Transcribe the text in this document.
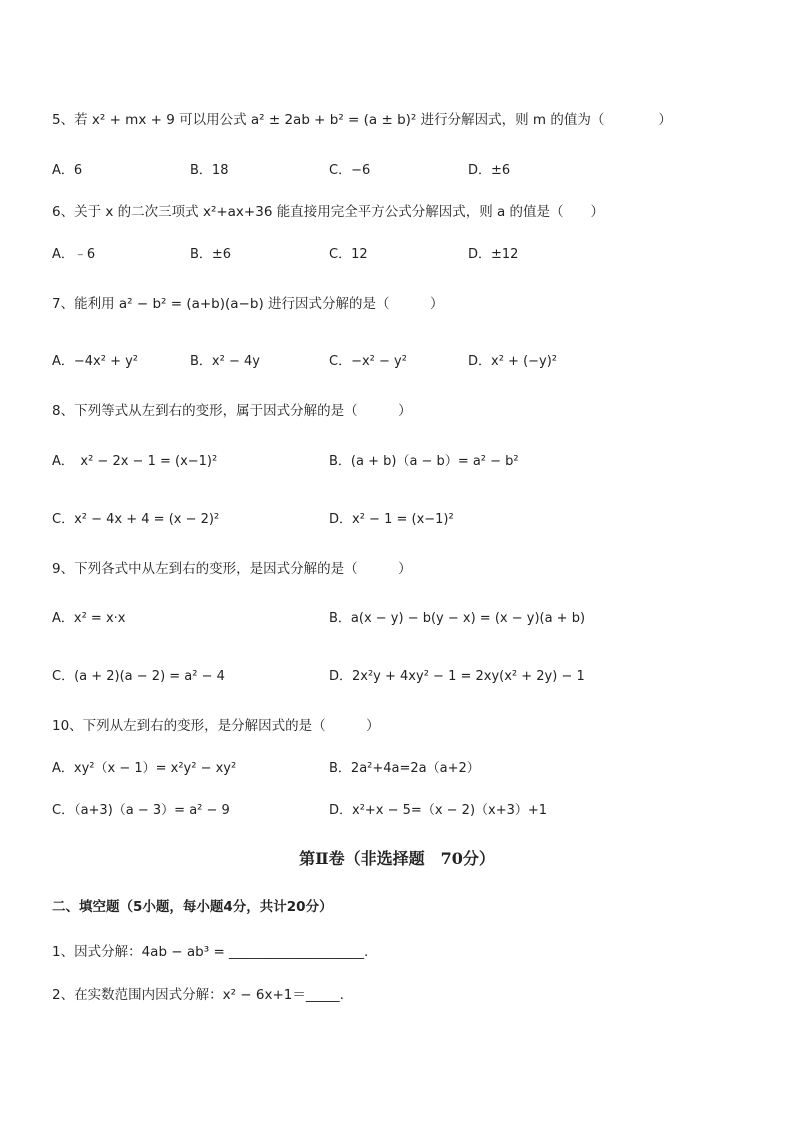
5、若 x² + mx + 9 可以用公式 a² ± 2ab + b² = (a ± b)² 进行分解因式，则 m 的值为（　　　　）
A．6	B．18	C．−6	D．±6
6、关于 x 的二次三项式 x²+ax+36 能直接用完全平方公式分解因式，则 a 的值是（　　）
A．﹣6	B．±6	C．12	D．±12
7、能利用 a² − b² = (a+b)(a−b) 进行因式分解的是（　　　）
A．−4x² + y²	B．x² − 4y	C．−x² − y²	D．x² + (−y)²
8、下列等式从左到右的变形，属于因式分解的是（　　　）
A．　x² − 2x − 1 = (x−1)²	B．(a + b)（a − b）= a² − b²
C．x² − 4x + 4 = (x − 2)²	D．x² − 1 = (x−1)²
9、下列各式中从左到右的变形，是因式分解的是（　　　）
A．x² = x·x	B．a(x − y) − b(y − x) = (x − y)(a + b)
C．(a + 2)(a − 2) = a² − 4	D．2x²y + 4xy² − 1 = 2xy(x² + 2y) − 1
10、下列从左到右的变形，是分解因式的是（　　　）
A．xy²（x − 1）= x²y² − xy²	B．2a²+4a=2a（a+2）
C．（a+3)（a − 3）= a² − 9	D．x²+x − 5=（x − 2)（x+3）+1
第Ⅱ卷（非选择题　70分）
二、填空题（5小题，每小题4分，共计20分）
1、因式分解：4ab − ab³ = ____________________.
2、在实数范围内因式分解：x² − 6x+1＝_____.
